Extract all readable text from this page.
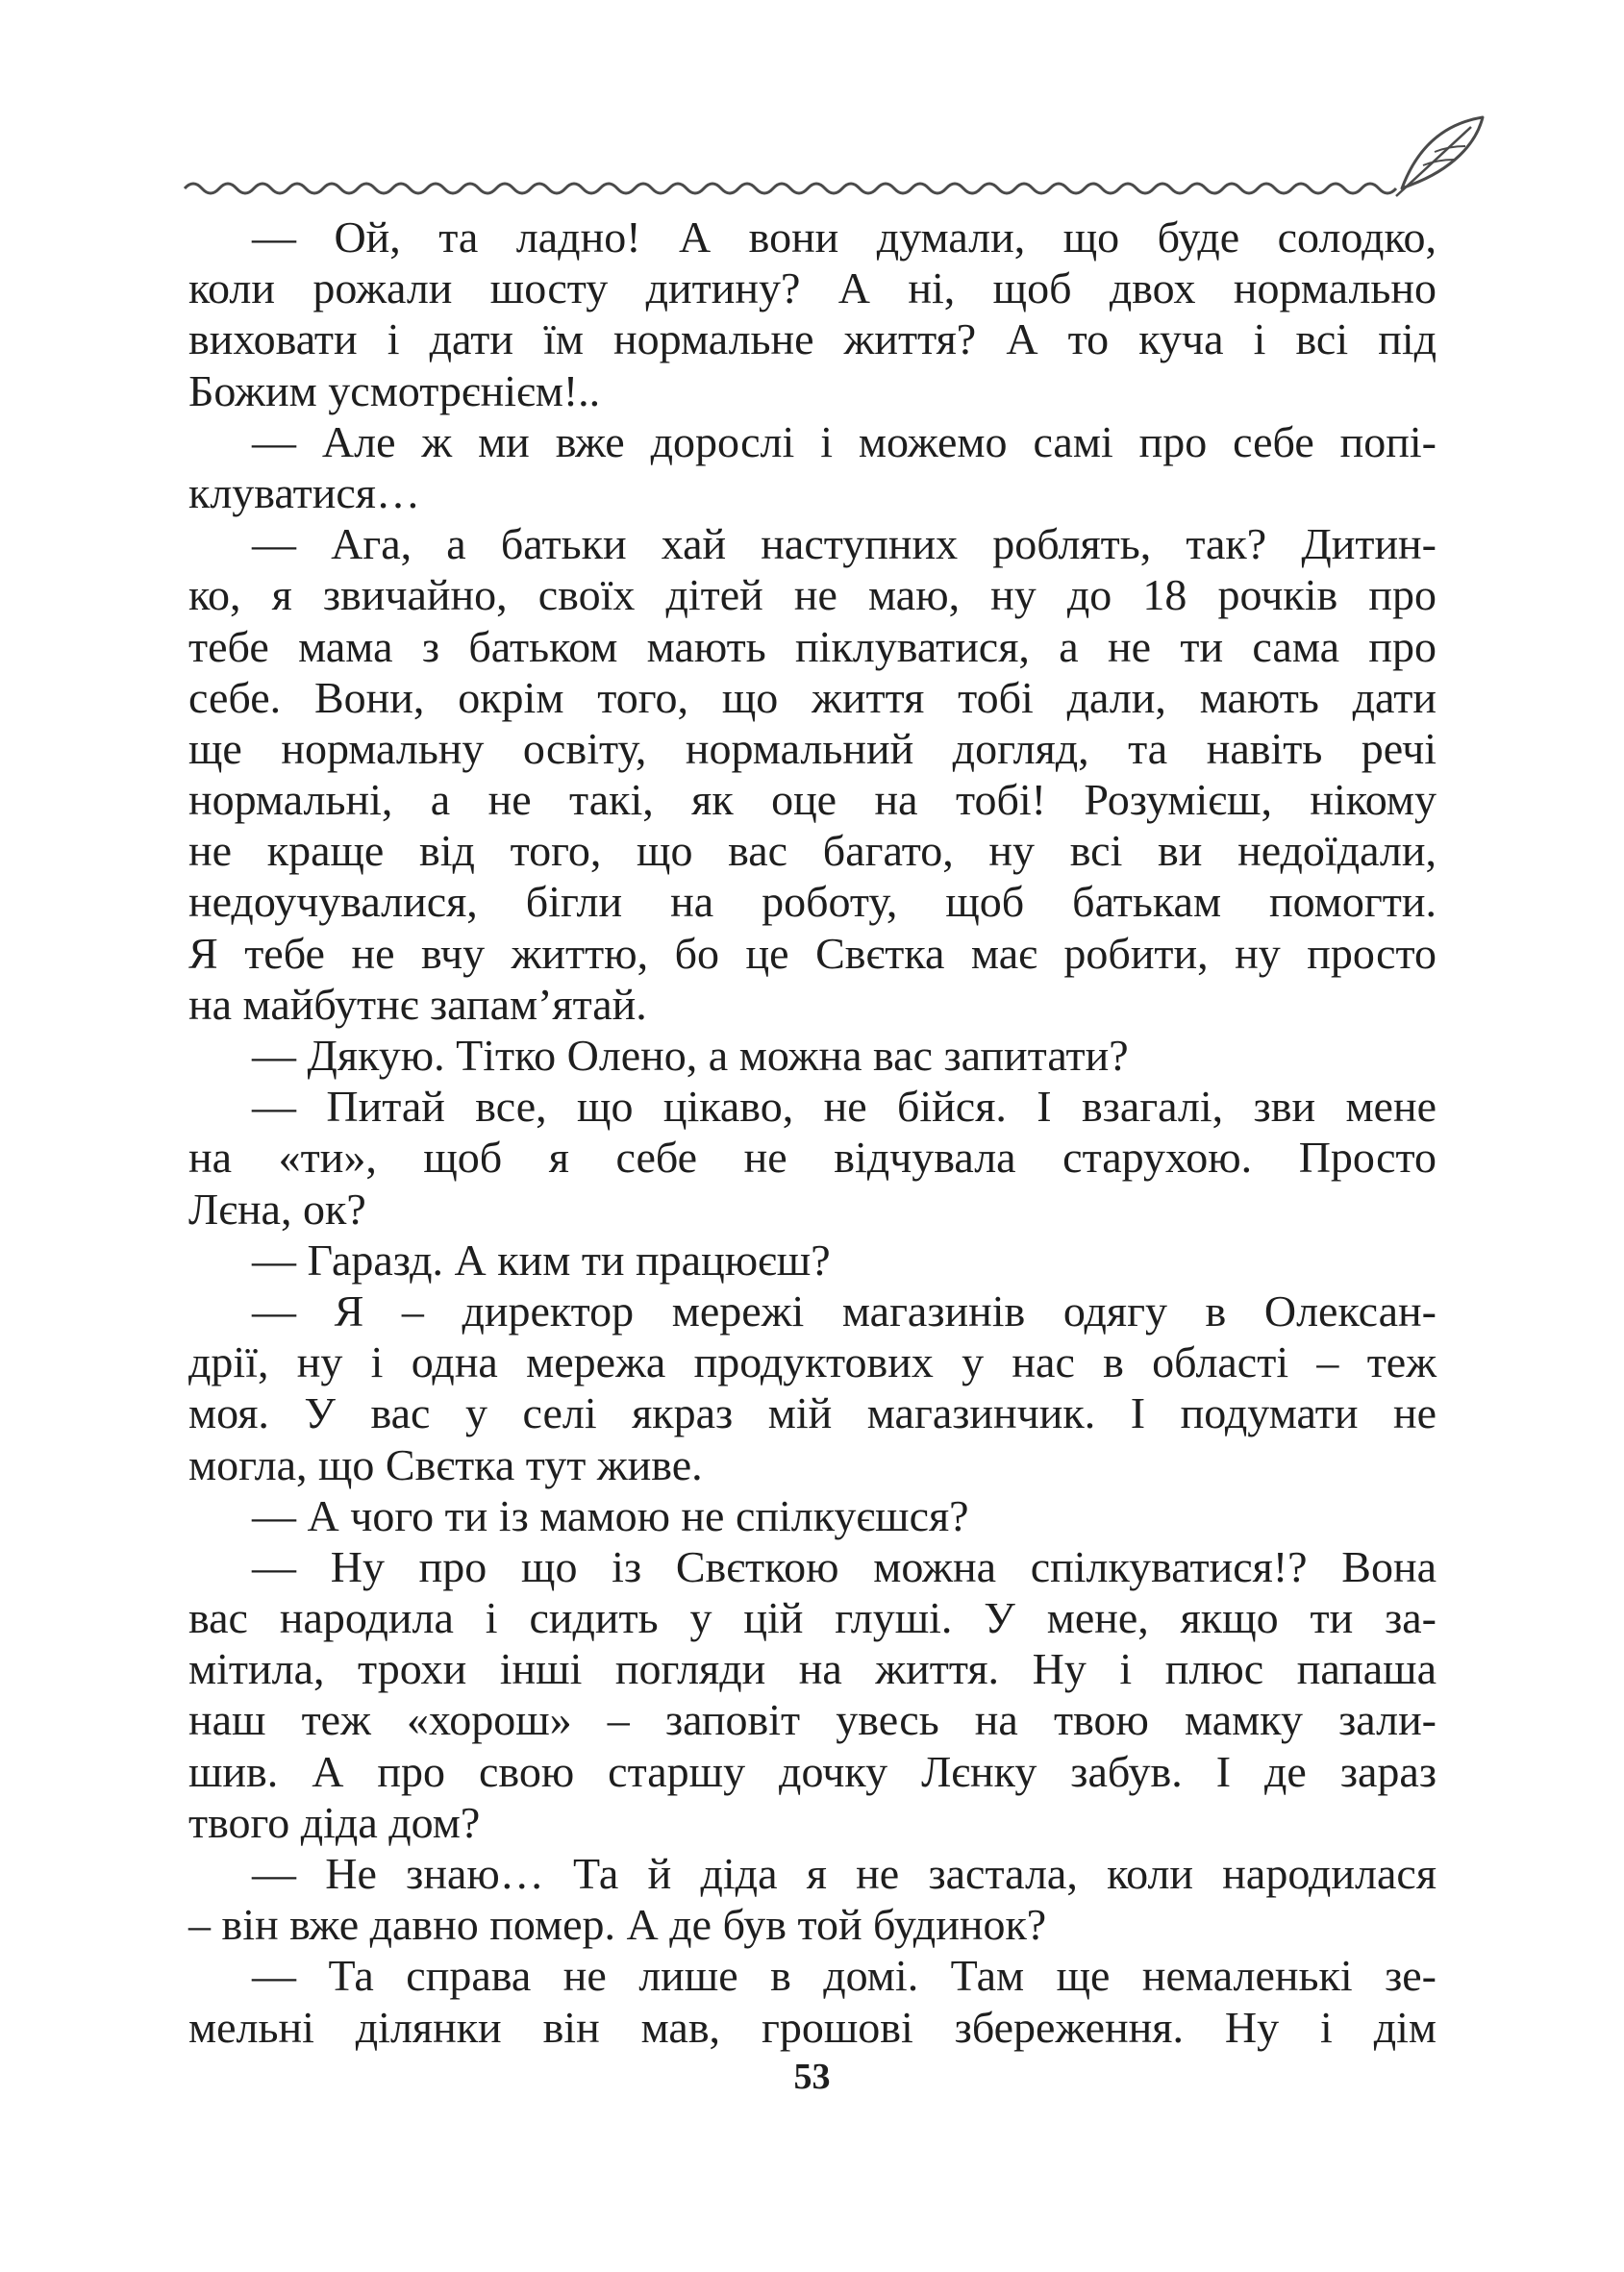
— Ой, та ладно! А вони думали, що буде солодко,
коли рожали шосту дитину? А ні, щоб двох нормально
виховати і дати їм нормальне життя? А то куча і всі під
Божим усмотрєнієм!..
— Але ж ми вже дорослі і можемо самі про себе попі-
клуватися…
— Ага, а батьки хай наступних роблять, так? Дитин-
ко, я звичайно, своїх дітей не маю, ну до 18 рочків про
тебе мама з батьком мають піклуватися, а не ти сама про
себе. Вони, окрім того, що життя тобі дали, мають дати
ще нормальну освіту, нормальний догляд, та навіть речі
нормальні, а не такі, як оце на тобі! Розумієш, нікому
не краще від того, що вас багато, ну всі ви недоїдали,
недоучувалися, бігли на роботу, щоб батькам помогти.
Я тебе не вчу життю, бо це Свєтка має робити, ну просто
на майбутнє запам’ятай.
— Дякую. Тітко Олено, а можна вас запитати?
— Питай все, що цікаво, не бійся. І взагалі, зви мене
на «ти», щоб я себе не відчувала старухою. Просто
Лєна, ок?
— Гаразд. А ким ти працюєш?
— Я – директор мережі магазинів одягу в Олексан-
дрії, ну і одна мережа продуктових у нас в області – теж
моя. У вас у селі якраз мій магазинчик. І подумати не
могла, що Свєтка тут живе.
— А чого ти із мамою не спілкуєшся?
— Ну про що із Свєткою можна спілкуватися!? Вона
вас народила і сидить у цій глуші. У мене, якщо ти за-
мітила, трохи інші погляди на життя. Ну і плюс папаша
наш теж «хорош» – заповіт увесь на твою мамку зали-
шив. А про свою старшу дочку Лєнку забув. І де зараз
твого діда дом?
— Не знаю… Та й діда я не застала, коли народилася
– він вже давно помер. А де був той будинок?
— Та справа не лише в домі. Там ще немаленькі зе-
мельні ділянки він мав, грошові збереження. Ну і дім
53
